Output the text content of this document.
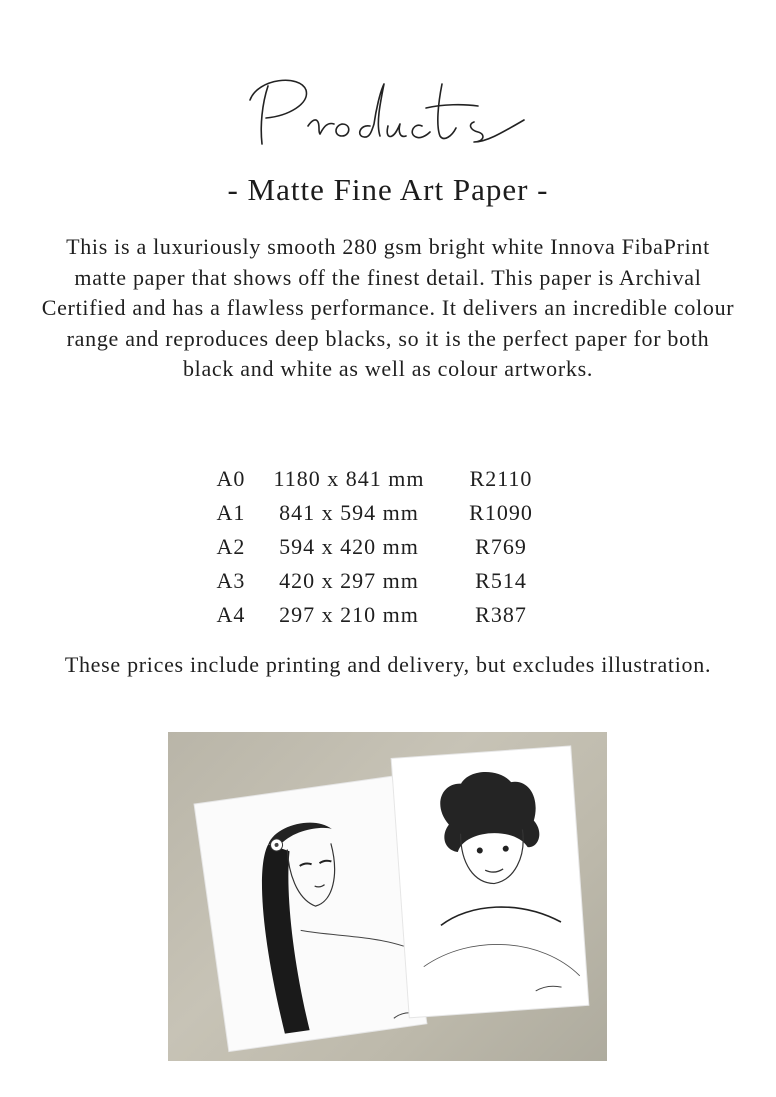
- Matte Fine Art Paper -

This is a luxuriously smooth 280 gsm bright white Innova FibaPrint matte paper that shows off the finest detail. This paper is Archival Certified and has a flawless performance. It delivers an incredible colour range and reproduces deep blacks, so it is the perfect paper for both black and white as well as colour artworks.

A0	1180 x 841 mm	R2110
A1	841 x 594 mm	R1090
A2	594 x 420 mm	R769
A3	420 x 297 mm	R514
A4	297 x 210 mm	R387

These prices include printing and delivery, but excludes illustration.
